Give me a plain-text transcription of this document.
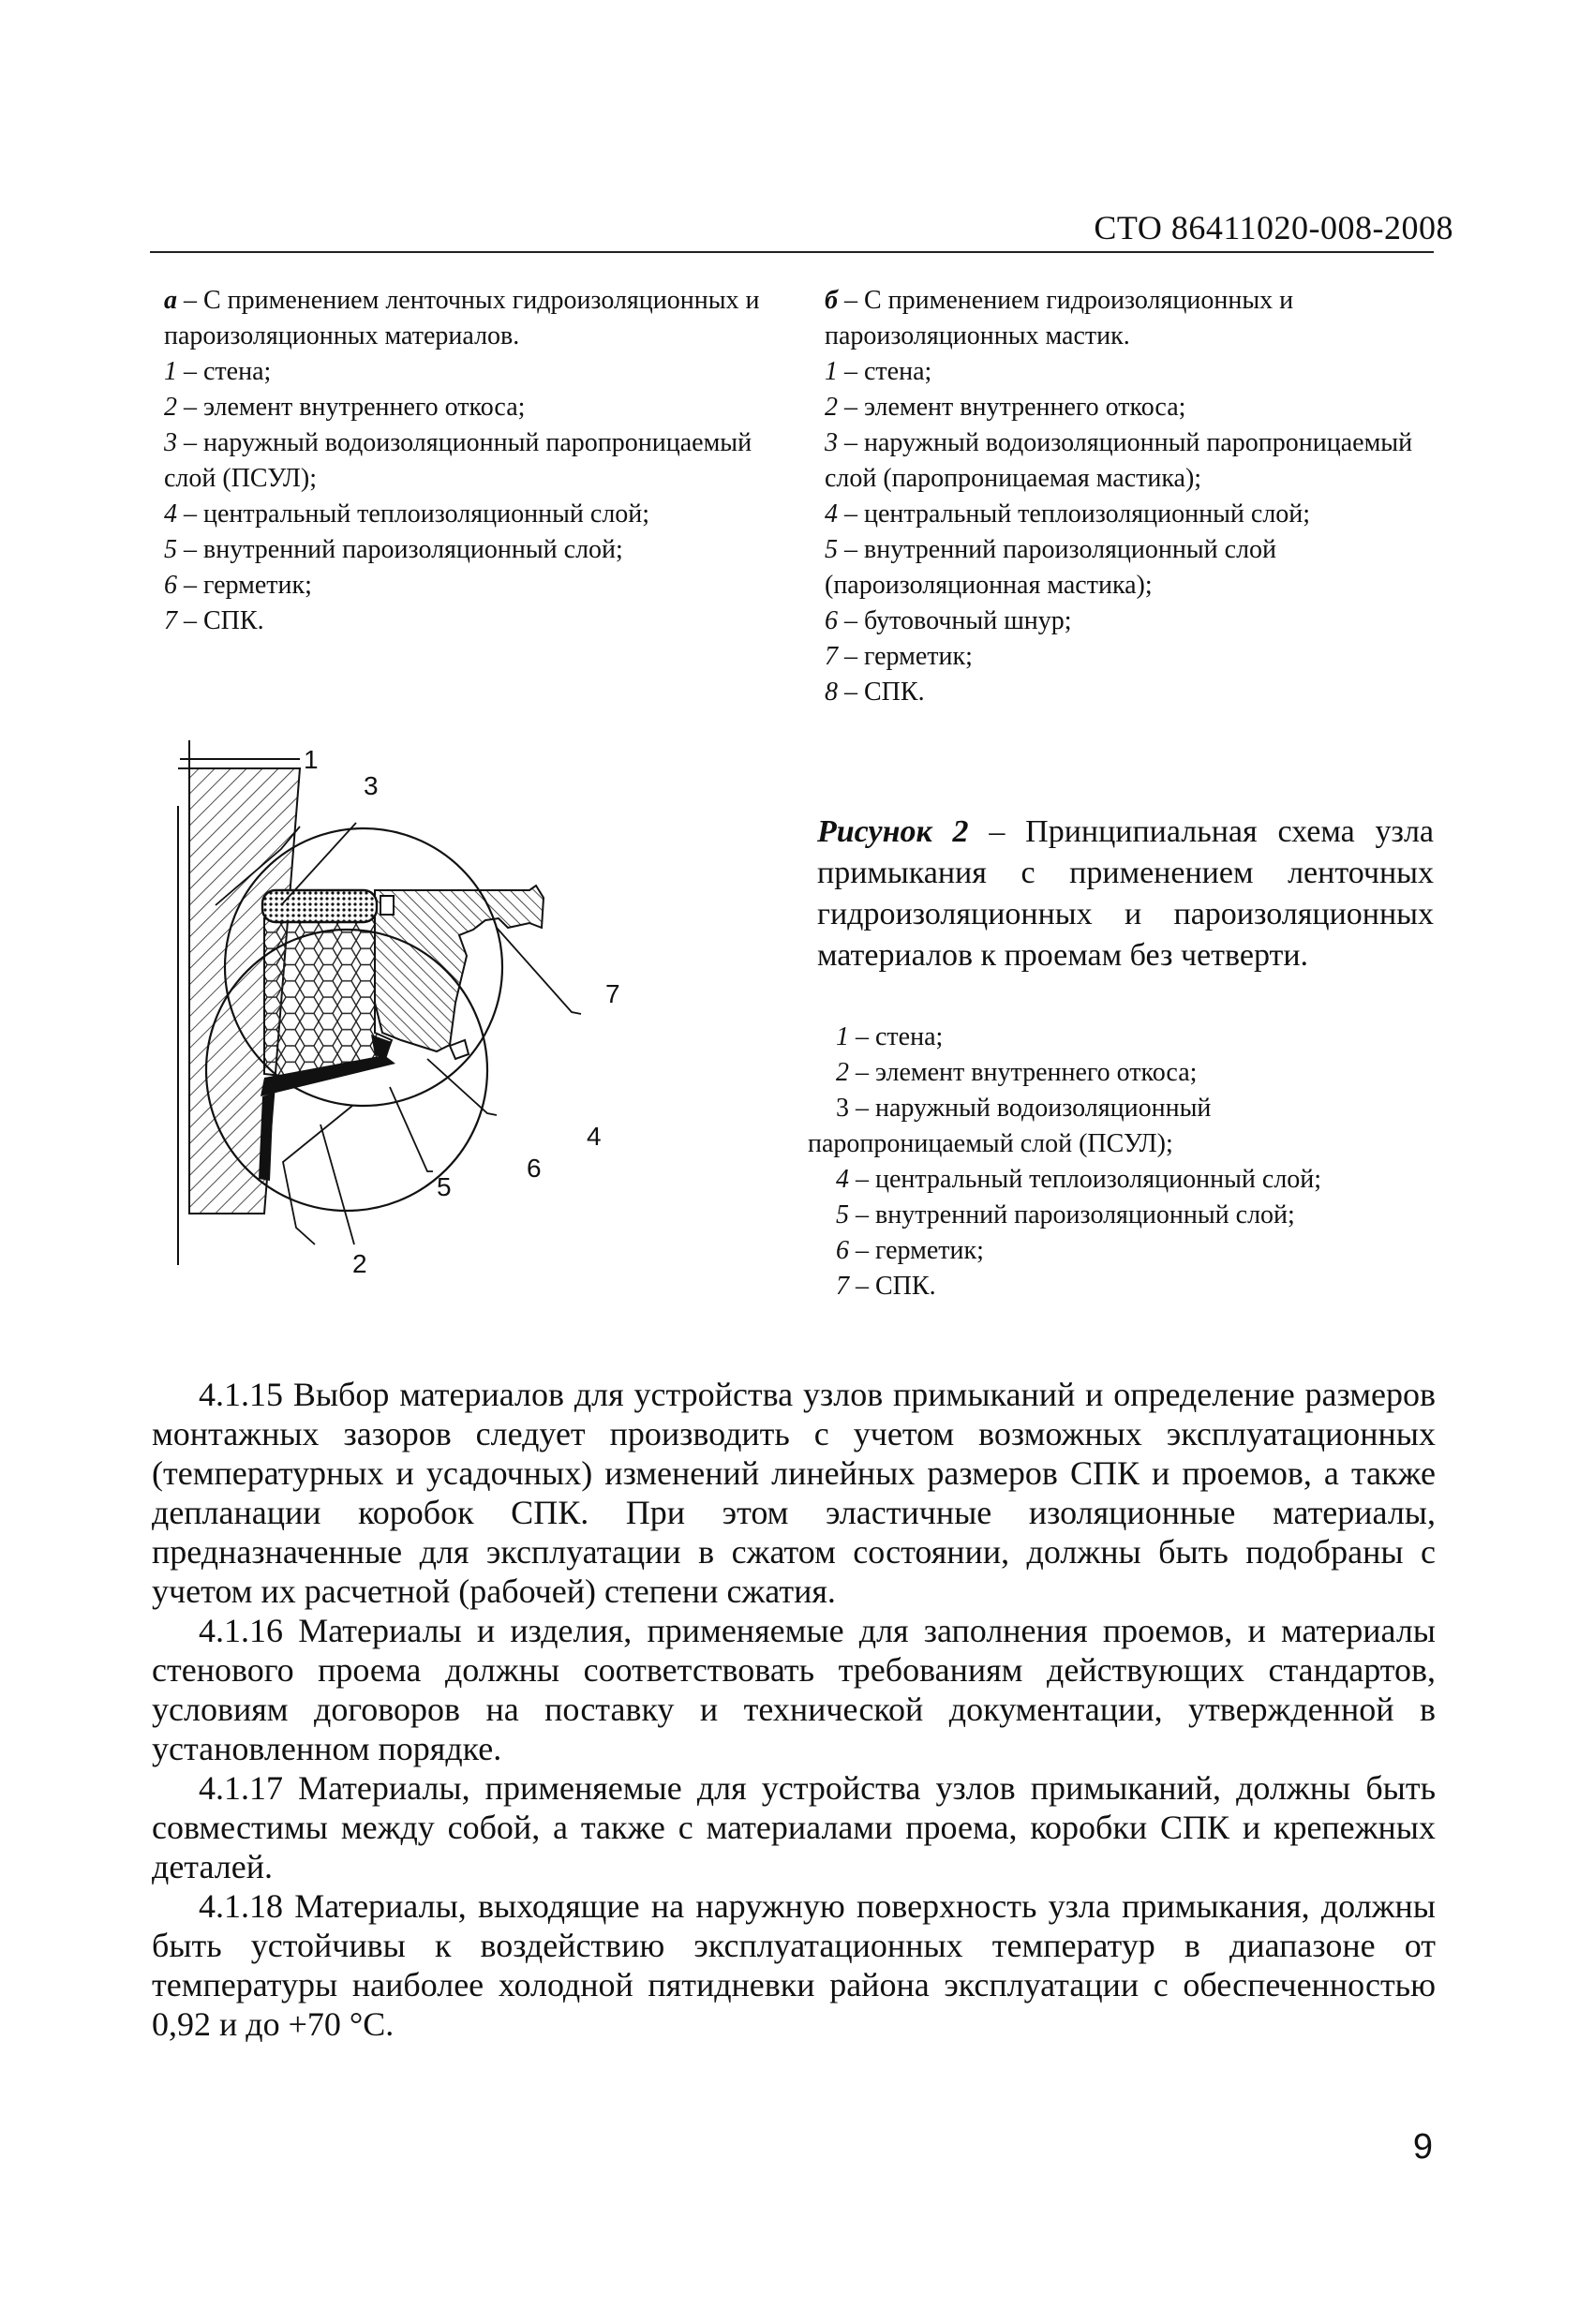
СТО 86411020-008-2008

а – С применением ленточных гидроизоляционных и пароизоляционных материалов.

1 – стена;

2 – элемент внутреннего откоса;

3 – наружный водоизоляционный паропроницаемый слой (ПСУЛ);

4 – центральный теплоизоляционный слой;

5 – внутренний пароизоляционный слой;

6 – герметик;

7 – СПК.

б – С применением гидроизоляционных и пароизоляционных мастик.

1 – стена;

2 – элемент внутреннего откоса;

3 – наружный водоизоляционный паропроницаемый слой (паропроницаемая мастика);

4 – центральный теплоизоляционный слой;

5 – внутренний пароизоляционный слой (пароизоляционная мастика);

6 – бутовочный шнур;

7 – герметик;

8 – СПК.

1
2
3
4
5
6
7
Рисунок 2 – Принципиальная схема узла примыкания с применением ленточных гидроизоляционных и пароизоляционных материалов к проемам без четверти.

1 – стена;

2 – элемент внутреннего откоса;

3 – наружный водоизоляционный

паропроницаемый слой (ПСУЛ);

4 – центральный теплоизоляционный слой;

5 – внутренний пароизоляционный слой;

6 – герметик;

7 – СПК.

4.1.15 Выбор материалов для устройства узлов примыканий и определение размеров монтажных зазоров следует производить с учетом возможных эксплуатационных (температурных и усадочных) изменений линейных размеров СПК и проемов, а также депланации коробок СПК. При этом эластичные изоляционные материалы, предназначенные для эксплуатации в сжатом состоянии, должны быть подобраны с учетом их расчетной (рабочей) степени сжатия.

4.1.16 Материалы и изделия, применяемые для заполнения проемов, и материалы стенового проема должны соответствовать требованиям действующих стандартов, условиям договоров на поставку и технической документации, утвержденной в установленном порядке.

4.1.17 Материалы, применяемые для устройства узлов примыканий, должны быть совместимы между собой, а также с материалами проема, коробки СПК и крепежных деталей.

4.1.18 Материалы, выходящие на наружную поверхность узла примыкания, должны быть устойчивы к воздействию эксплуатационных температур в диапазоне от температуры наиболее холодной пятидневки района эксплуатации с обеспеченностью 0,92 и до +70 °С.

9
